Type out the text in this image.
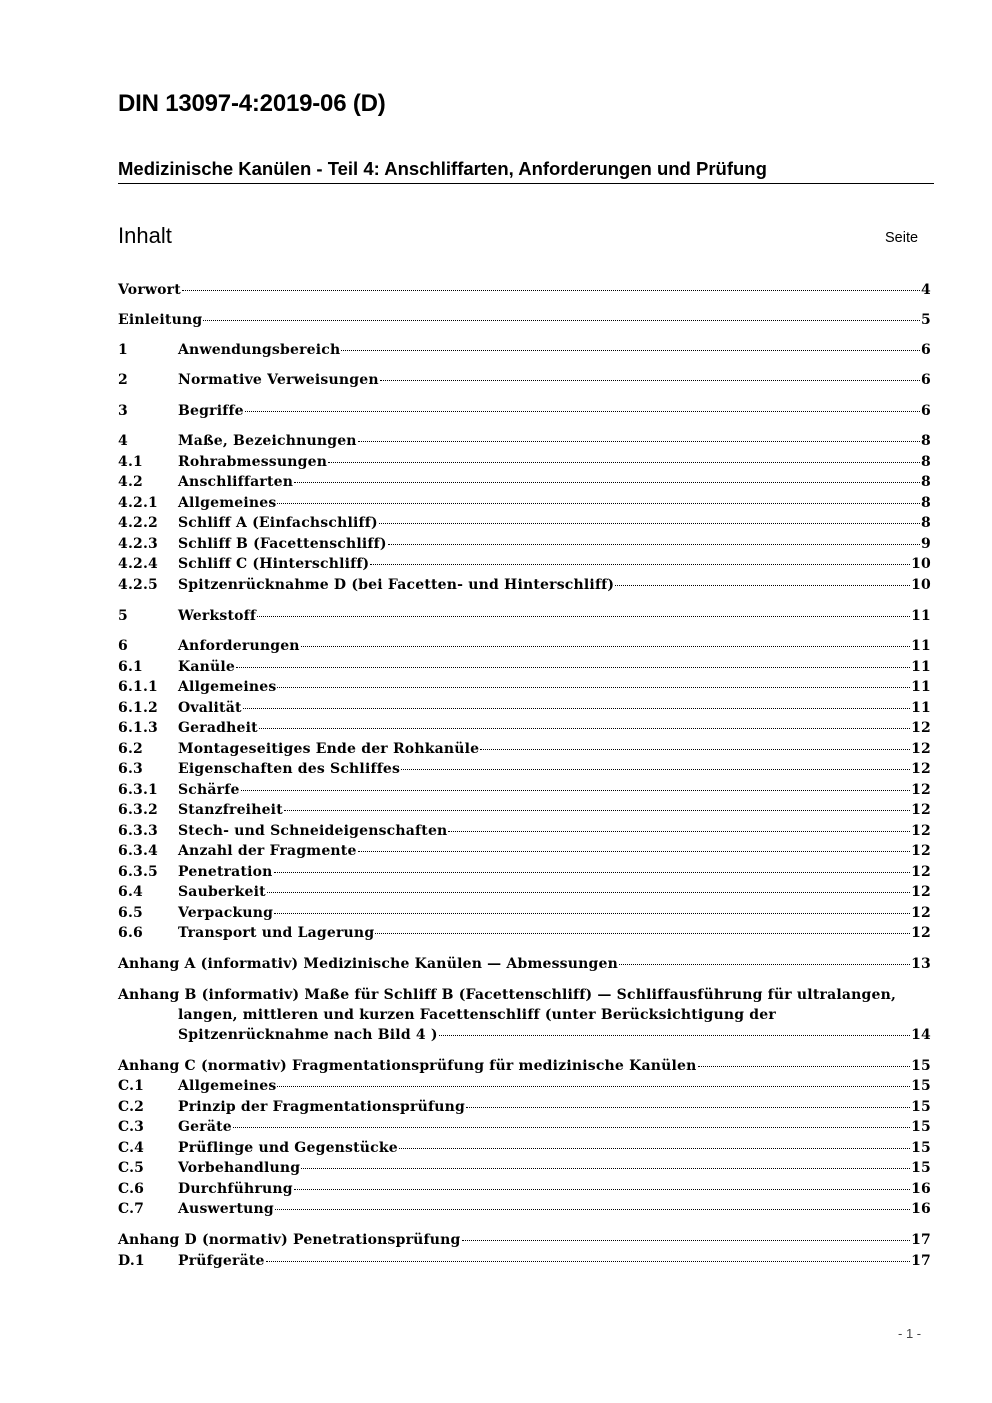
DIN 13097-4:2019-06 (D)
Medizinische Kanülen - Teil 4: Anschliffarten, Anforderungen und Prüfung
Inhalt	Seite
Vorwort	4
Einleitung	5
1	Anwendungsbereich	6
2	Normative Verweisungen	6
3	Begriffe	6
4	Maße, Bezeichnungen	8
4.1	Rohrabmessungen	8
4.2	Anschliffarten	8
4.2.1	Allgemeines	8
4.2.2	Schliff A (Einfachschliff)	8
4.2.3	Schliff B (Facettenschliff)	9
4.2.4	Schliff C (Hinterschliff)	10
4.2.5	Spitzenrücknahme D (bei Facetten- und Hinterschliff)	10
5	Werkstoff	11
6	Anforderungen	11
6.1	Kanüle	11
6.1.1	Allgemeines	11
6.1.2	Ovalität	11
6.1.3	Geradheit	12
6.2	Montageseitiges Ende der Rohkanüle	12
6.3	Eigenschaften des Schliffes	12
6.3.1	Schärfe	12
6.3.2	Stanzfreiheit	12
6.3.3	Stech- und Schneideigenschaften	12
6.3.4	Anzahl der Fragmente	12
6.3.5	Penetration	12
6.4	Sauberkeit	12
6.5	Verpackung	12
6.6	Transport und Lagerung	12
Anhang A (informativ) Medizinische Kanülen — Abmessungen	13
Anhang B (informativ) Maße für Schliff B (Facettenschliff) — Schliffausführung für ultralangen,
langen, mittleren und kurzen Facettenschliff (unter Berücksichtigung der
Spitzenrücknahme nach Bild 4 )	14
Anhang C (normativ) Fragmentationsprüfung für medizinische Kanülen	15
C.1	Allgemeines	15
C.2	Prinzip der Fragmentationsprüfung	15
C.3	Geräte	15
C.4	Prüflinge und Gegenstücke	15
C.5	Vorbehandlung	15
C.6	Durchführung	16
C.7	Auswertung	16
Anhang D (normativ) Penetrationsprüfung	17
D.1	Prüfgeräte	17
- 1 -
